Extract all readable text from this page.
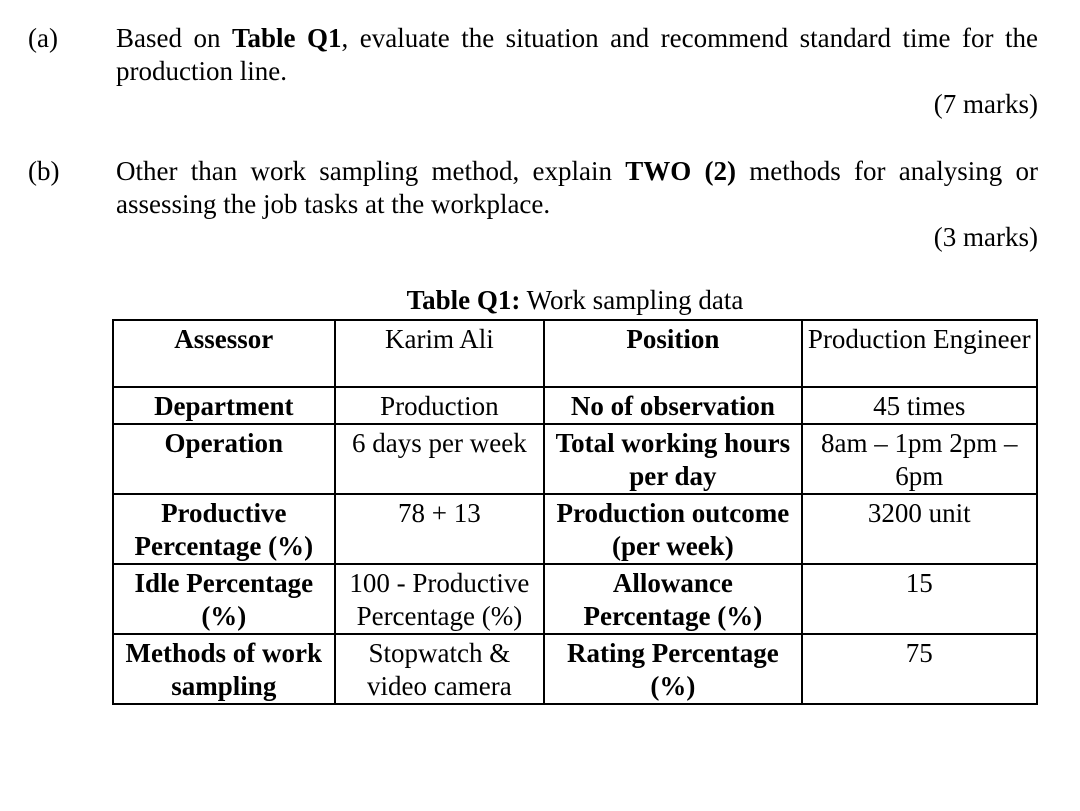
(a) Based on Table Q1, evaluate the situation and recommend standard time for the production line.
(7 marks)
(b) Other than work sampling method, explain TWO (2) methods for analysing or assessing the job tasks at the workplace.
(3 marks)
Table Q1: Work sampling data
Assessor	Karim Ali	Position	Production Engineer
Department	Production	No of observation	45 times
Operation	6 days per week	Total working hours per day	8am – 1pm 2pm – 6pm
Productive Percentage (%)	78 + 13	Production outcome (per week)	3200 unit
Idle Percentage (%)	100 - Productive Percentage (%)	Allowance Percentage (%)	15
Methods of work sampling	Stopwatch & video camera	Rating Percentage (%)	75
